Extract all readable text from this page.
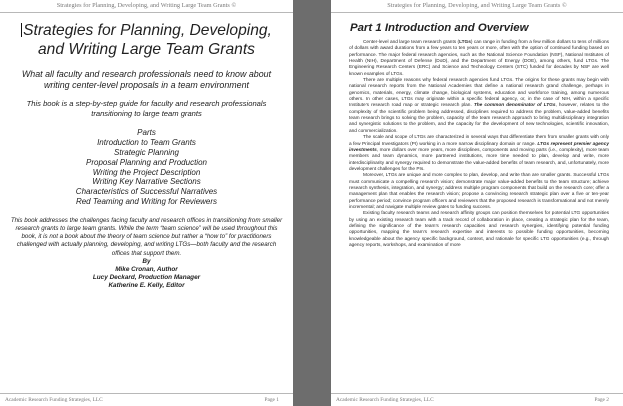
Strategies for Planning, Developing, and Writing Large Team Grants ©
Strategies for Planning, Developing, and Writing Large Team Grants
What all faculty and research professionals need to know about writing center-level proposals in a team environment
This book is a step-by-step guide for faculty and research professionals transitioning to large team grants
Parts
Introduction to Team Grants
Strategic Planning
Proposal Planning and Production
Writing the Project Description
Writing Key Narrative Sections
Characteristics of Successful Narratives
Red Teaming and Writing for Reviewers
This book addresses the challenges facing faculty and research offices in transitioning from smaller research grants to large team grants. While the term “team science” will be used throughout this book, it is not a book about the theory of team science but rather a “how to” for practitioners challenged with actually planning, developing, and writing LTGs—both faculty and the research offices that support them.
By
Mike Cronan, Author
Lucy Deckard, Production Manager
Katherine E. Kelly, Editor
Academic Research Funding Strategies, LLC	Page 1
Strategies for Planning, Developing, and Writing Large Team Grants ©
Part 1 Introduction and Overview

Center-level and large team research grants (LTGs) can range in funding from a few million dollars to tens of millions of dollars with award durations from a few years to ten years or more, often with the option of continued funding based on performance. The major federal research agencies, such as the National Science Foundation (NSF), National Institutes of Health (NIH), Department of Defense (DoD), and the Department of Energy (DOE), among others, fund LTGs. The Engineering Research Centers (ERC) and Science and Technology Centers (STC) funded for decades by NSF are well known examples of LTGs.

There are multiple reasons why federal research agencies fund LTGs. The origins for these grants may begin with national research reports from the National Academies that define a national research grand challenge, perhaps in genomics, materials, energy, climate change, biological systems, education and workforce training, among numerous others. In other cases, LTGs may originate within a specific federal agency, or, in the case of NIH, within a specific Institute’s research road map or strategic research plan. The common denominator of LTGs, however, relates to the complexity of the scientific problem being addressed, disciplines required to address the problem, value-added benefits team research brings to solving the problem, capacity of the team research approach to bring multidisciplinary integration and synergistic solutions to the problem, and the capacity for the development of new technologies, scientific innovation, and commercialization.

The scale and scope of LTGs are characterized in several ways that differentiate them from smaller grants with only a few Principal Investigators (PI) working in a more narrow disciplinary domain or range. LTGs represent premier agency investments, more dollars over more years, more disciplines, components and moving parts (i.e., complexity), more team members and team dynamics, more partnered institutions, more time needed to plan, develop and write, more interdisciplinarity and synergy required to demonstrate the value-added benefits of team research, and, unfortunately, more development challenges for the PIs.

Moreover, LTGs are unique and more complex to plan, develop, and write than are smaller grants. Successful LTGs must communicate a compelling research vision; demonstrate major value-added benefits to the team structure; achieve research synthesis, integration, and synergy; address multiple program components that build on the research core; offer a management plan that enables the research vision; propose a convincing research strategic plan over a five or ten-year performance period; convince program officers and reviewers that the proposed research is transformational and not merely incremental; and navigate multiple review gates to funding success.

Existing faculty research teams and research affinity groups can position themselves for potential LTG opportunities by using an existing research team with a track record of collaboration in place, creating a strategic plan for the team, defining the significance of the team’s research capacities and research synergies, identifying potential funding opportunities, mapping the team’s research expertise and interests to possible funding opportunities, becoming knowledgeable about the agency specific background, context, and rationale for specific LTG opportunities (e.g., through agency reports, workshops, and examination of more

Academic Research Funding Strategies, LLC	Page 2
